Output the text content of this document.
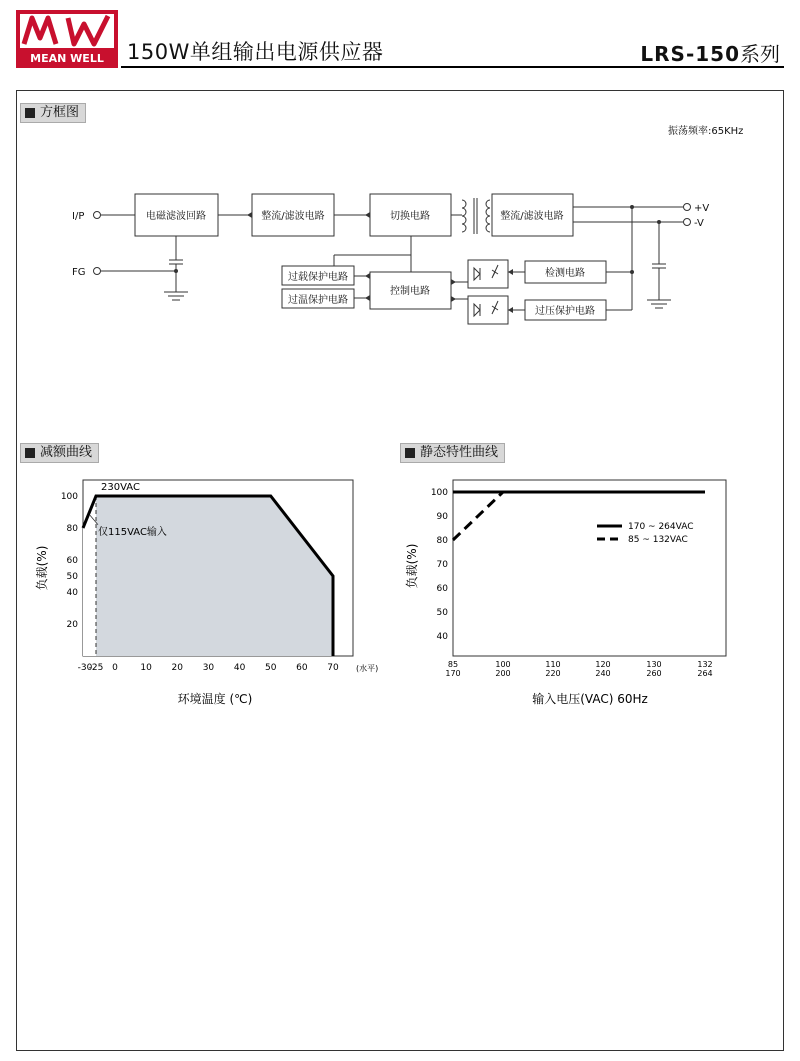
MEAN WELL 150W单组输出电源供应器	LRS-150系列
方框图
减额曲线	静态特性曲线
振荡频率:65KHz
I/P
FG
电磁滤波回路	整流/滤波电路	切换电路	整流/滤波电路
+V
-V
过载保护电路
过温保护电路
控制电路
检测电路
过压保护电路
100
80
60
50
40
20
-30
-25 0	10 20 30 40 50 60 70
230VAC
仅115VAC输入
负载(%)
环境温度 (℃)
(水平)
100
90
80
70
60
50
40
85
170
100
200
110
220
120
240
130
260
132
264
170 ~ 264VAC
85 ~ 132VAC
负载(%)
输入电压(VAC) 60Hz
